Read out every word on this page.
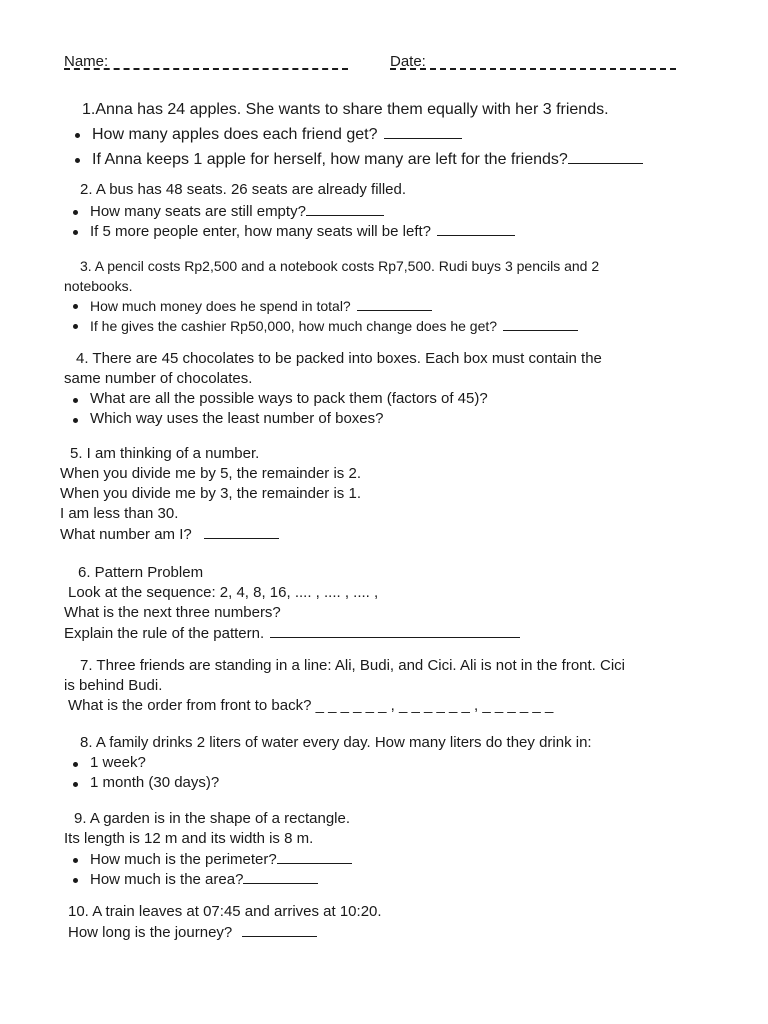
Name:	Date:
1.Anna has 24 apples. She wants to share them equally with her 3 friends.
How many apples does each friend get?
If Anna keeps 1 apple for herself, how many are left for the friends?
2. A bus has 48 seats. 26 seats are already filled.
How many seats are still empty?
If 5 more people enter, how many seats will be left?
3. A pencil costs Rp2,500 and a notebook costs Rp7,500. Rudi buys 3 pencils and 2
notebooks.
How much money does he spend in total?
If he gives the cashier Rp50,000, how much change does he get?
4. There are 45 chocolates to be packed into boxes. Each box must contain the
same number of chocolates.
What are all the possible ways to pack them (factors of 45)?
Which way uses the least number of boxes?
5. I am thinking of a number.
When you divide me by 5, the remainder is 2.
When you divide me by 3, the remainder is 1.
I am less than 30.
What number am I?
6. Pattern Problem
Look at the sequence: 2, 4, 8, 16, .... , .... , .... ,
What is the next three numbers?
Explain the rule of the pattern.
7. Three friends are standing in a line: Ali, Budi, and Cici. Ali is not in the front. Cici
is behind Budi.
What is the order from front to back? _ _ _ _ _ _ , _ _ _ _ _ _ , _ _ _ _ _ _
8. A family drinks 2 liters of water every day. How many liters do they drink in:
1 week?
1 month (30 days)?
9. A garden is in the shape of a rectangle.
Its length is 12 m and its width is 8 m.
How much is the perimeter?
How much is the area?
10. A train leaves at 07:45 and arrives at 10:20.
How long is the journey?
